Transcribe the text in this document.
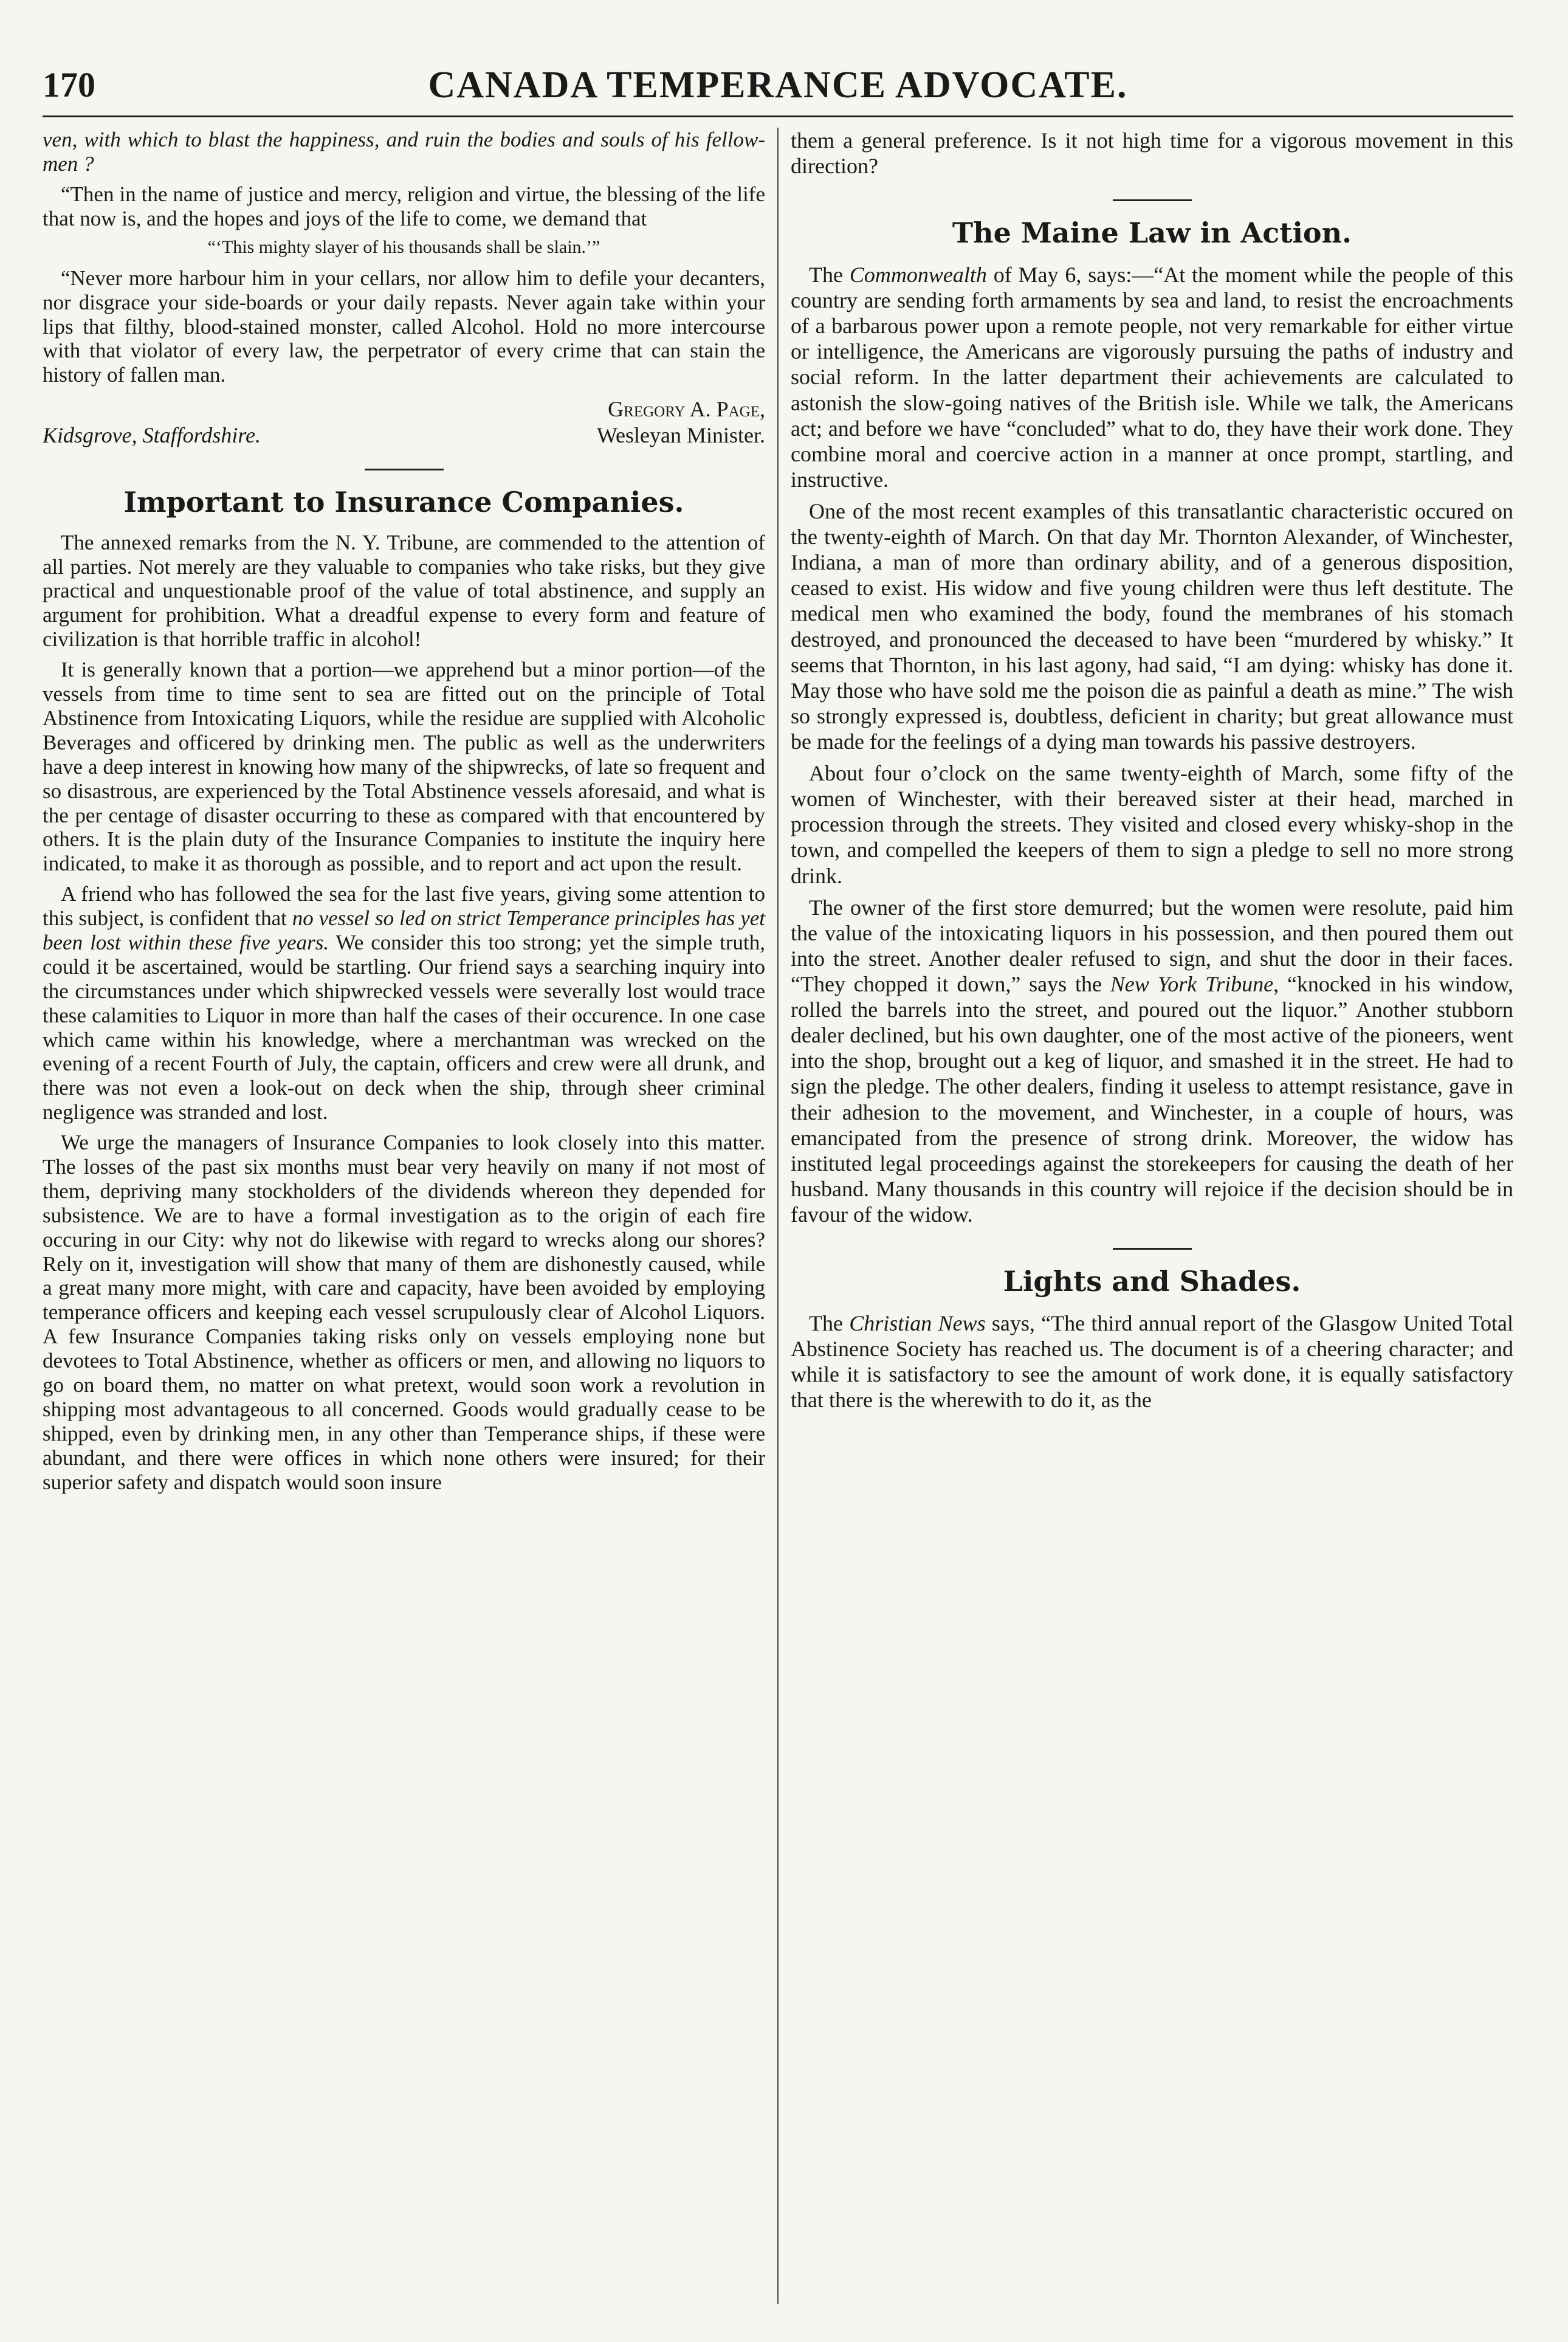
170	CANADA TEMPERANCE ADVOCATE.

ven, with which to blast the happiness, and ruin the bodies and souls of his fellow-men ?

“Then in the name of justice and mercy, religion and virtue, the blessing of the life that now is, and the hopes and joys of the life to come, we demand that

“‘This mighty slayer of his thousands shall be slain.’”

“Never more harbour him in your cellars, nor allow him to defile your decanters, nor disgrace your side-boards or your daily repasts. Never again take within your lips that filthy, blood-stained monster, called Alcohol. Hold no more intercourse with that violator of every law, the perpetrator of every crime that can stain the history of fallen man.

Gregory A. Page,

Kidsgrove, Staffordshire.	Wesleyan Minister.
Important to Insurance Companies.

The annexed remarks from the N. Y. Tribune, are commended to the attention of all parties. Not merely are they valuable to companies who take risks, but they give practical and unquestionable proof of the value of total abstinence, and supply an argument for prohibition. What a dreadful expense to every form and feature of civilization is that horrible traffic in alcohol!

It is generally known that a portion—we apprehend but a minor portion—of the vessels from time to time sent to sea are fitted out on the principle of Total Abstinence from Intoxicating Liquors, while the residue are supplied with Alcoholic Beverages and officered by drinking men. The public as well as the underwriters have a deep interest in knowing how many of the shipwrecks, of late so frequent and so disastrous, are experienced by the Total Abstinence vessels aforesaid, and what is the per centage of disaster occurring to these as compared with that encountered by others. It is the plain duty of the Insurance Companies to institute the inquiry here indicated, to make it as thorough as possible, and to report and act upon the result.

A friend who has followed the sea for the last five years, giving some attention to this subject, is confident that no vessel so led on strict Temperance principles has yet been lost within these five years. We consider this too strong; yet the simple truth, could it be ascertained, would be startling. Our friend says a searching inquiry into the circumstances under which shipwrecked vessels were severally lost would trace these calamities to Liquor in more than half the cases of their occurence. In one case which came within his knowledge, where a merchantman was wrecked on the evening of a recent Fourth of July, the captain, officers and crew were all drunk, and there was not even a look-out on deck when the ship, through sheer criminal negligence was stranded and lost.

We urge the managers of Insurance Companies to look closely into this matter. The losses of the past six months must bear very heavily on many if not most of them, depriving many stockholders of the dividends whereon they depended for subsistence. We are to have a formal investigation as to the origin of each fire occuring in our City: why not do likewise with regard to wrecks along our shores? Rely on it, investigation will show that many of them are dishonestly caused, while a great many more might, with care and capacity, have been avoided by employing temperance officers and keeping each vessel scrupulously clear of Alcohol Liquors. A few Insurance Companies taking risks only on vessels employing none but devotees to Total Abstinence, whether as officers or men, and allowing no liquors to go on board them, no matter on what pretext, would soon work a revolution in shipping most advantageous to all concerned. Goods would gradually cease to be shipped, even by drinking men, in any other than Temperance ships, if these were abundant, and there were offices in which none others were insured; for their superior safety and dispatch would soon insure

them a general preference. Is it not high time for a vigorous movement in this direction?

The Maine Law in Action.

The Commonwealth of May 6, says:—“At the moment while the people of this country are sending forth armaments by sea and land, to resist the encroachments of a barbarous power upon a remote people, not very remarkable for either virtue or intelligence, the Americans are vigorously pursuing the paths of industry and social reform. In the latter department their achievements are calculated to astonish the slow-going natives of the British isle. While we talk, the Americans act; and before we have “concluded” what to do, they have their work done. They combine moral and coercive action in a manner at once prompt, startling, and instructive.

One of the most recent examples of this transatlantic characteristic occured on the twenty-eighth of March. On that day Mr. Thornton Alexander, of Winchester, Indiana, a man of more than ordinary ability, and of a generous disposition, ceased to exist. His widow and five young children were thus left destitute. The medical men who examined the body, found the membranes of his stomach destroyed, and pronounced the deceased to have been “murdered by whisky.” It seems that Thornton, in his last agony, had said, “I am dying: whisky has done it. May those who have sold me the poison die as painful a death as mine.” The wish so strongly expressed is, doubtless, deficient in charity; but great allowance must be made for the feelings of a dying man towards his passive destroyers.

About four o’clock on the same twenty-eighth of March, some fifty of the women of Winchester, with their bereaved sister at their head, marched in procession through the streets. They visited and closed every whisky-shop in the town, and compelled the keepers of them to sign a pledge to sell no more strong drink.

The owner of the first store demurred; but the women were resolute, paid him the value of the intoxicating liquors in his possession, and then poured them out into the street. Another dealer refused to sign, and shut the door in their faces. “They chopped it down,” says the New York Tribune, “knocked in his window, rolled the barrels into the street, and poured out the liquor.” Another stubborn dealer declined, but his own daughter, one of the most active of the pioneers, went into the shop, brought out a keg of liquor, and smashed it in the street. He had to sign the pledge. The other dealers, finding it useless to attempt resistance, gave in their adhesion to the movement, and Winchester, in a couple of hours, was emancipated from the presence of strong drink. Moreover, the widow has instituted legal proceedings against the storekeepers for causing the death of her husband. Many thousands in this country will rejoice if the decision should be in favour of the widow.

Lights and Shades.

The Christian News says, “The third annual report of the Glasgow United Total Abstinence Society has reached us. The document is of a cheering character; and while it is satisfactory to see the amount of work done, it is equally satisfactory that there is the wherewith to do it, as the
